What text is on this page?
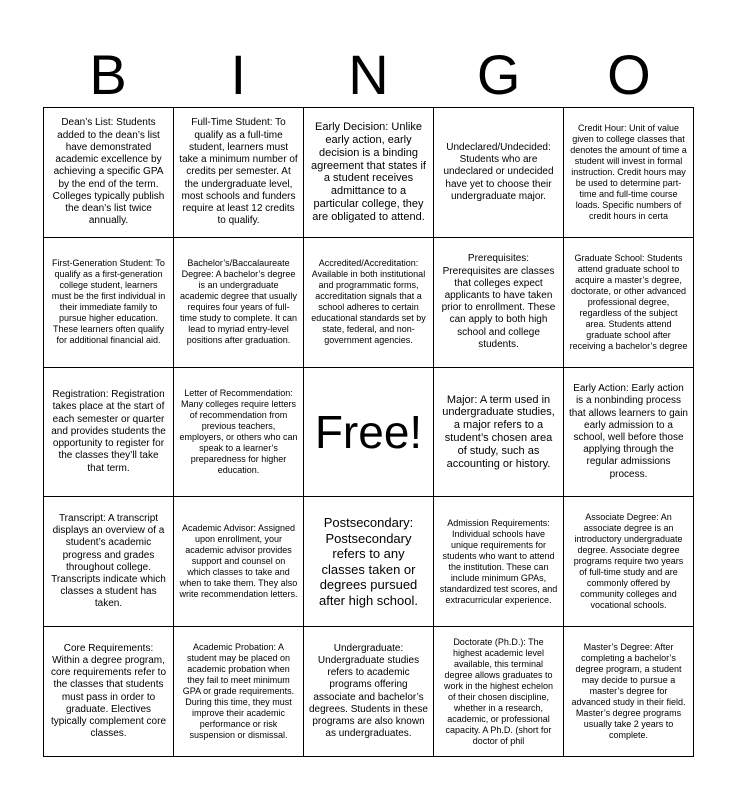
B	I	N	G	O
Dean’s List: Students added to the dean’s list have demonstrated academic excellence by achieving a specific GPA by the end of the term. Colleges typically publish the dean’s list twice annually.
Full-Time Student: To qualify as a full-time student, learners must take a minimum number of credits per semester. At the undergraduate level, most schools and funders require at least 12 credits to qualify.
Early Decision: Unlike early action, early decision is a binding agreement that states if a student receives admittance to a particular college, they are obligated to attend.
Undeclared/Undecided: Students who are undeclared or undecided have yet to choose their undergraduate major.
Credit Hour: Unit of value given to college classes that denotes the amount of time a student will invest in formal instruction. Credit hours may be used to determine part-time and full-time course loads. Specific numbers of credit hours in certa
First-Generation Student: To qualify as a first-generation college student, learners must be the first individual in their immediate family to pursue higher education. These learners often qualify for additional financial aid.
Bachelor’s/Baccalaureate Degree: A bachelor’s degree is an undergraduate academic degree that usually requires four years of full-time study to complete. It can lead to myriad entry-level positions after graduation.
Accredited/Accreditation: Available in both institutional and programmatic forms, accreditation signals that a school adheres to certain educational standards set by state, federal, and non-government agencies.
Prerequisites: Prerequisites are classes that colleges expect applicants to have taken prior to enrollment. These can apply to both high school and college students.
Graduate School: Students attend graduate school to acquire a master’s degree, doctorate, or other advanced professional degree, regardless of the subject area. Students attend graduate school after receiving a bachelor’s degree
Registration: Registration takes place at the start of each semester or quarter and provides students the opportunity to register for the classes they’ll take that term.
Letter of Recommendation: Many colleges require letters of recommendation from previous teachers, employers, or others who can speak to a learner’s preparedness for higher education.
Free!
Major: A term used in undergraduate studies, a major refers to a student’s chosen area of study, such as accounting or history.
Early Action: Early action is a nonbinding process that allows learners to gain early admission to a school, well before those applying through the regular admissions process.
Transcript: A transcript displays an overview of a student’s academic progress and grades throughout college. Transcripts indicate which classes a student has taken.
Academic Advisor: Assigned upon enrollment, your academic advisor provides support and counsel on which classes to take and when to take them. They also write recommendation letters.
Postsecondary: Postsecondary refers to any classes taken or degrees pursued after high school.
Admission Requirements: Individual schools have unique requirements for students who want to attend the institution. These can include minimum GPAs, standardized test scores, and extracurricular experience.
Associate Degree: An associate degree is an introductory undergraduate degree. Associate degree programs require two years of full-time study and are commonly offered by community colleges and vocational schools.
Core Requirements: Within a degree program, core requirements refer to the classes that students must pass in order to graduate. Electives typically complement core classes.
Academic Probation: A student may be placed on academic probation when they fail to meet minimum GPA or grade requirements. During this time, they must improve their academic performance or risk suspension or dismissal.
Undergraduate: Undergraduate studies refers to academic programs offering associate and bachelor’s degrees. Students in these programs are also known as undergraduates.
Doctorate (Ph.D.): The highest academic level available, this terminal degree allows graduates to work in the highest echelon of their chosen discipline, whether in a research, academic, or professional capacity. A Ph.D. (short for doctor of phil
Master’s Degree: After completing a bachelor’s degree program, a student may decide to pursue a master’s degree for advanced study in their field. Master’s degree programs usually take 2 years to complete.
